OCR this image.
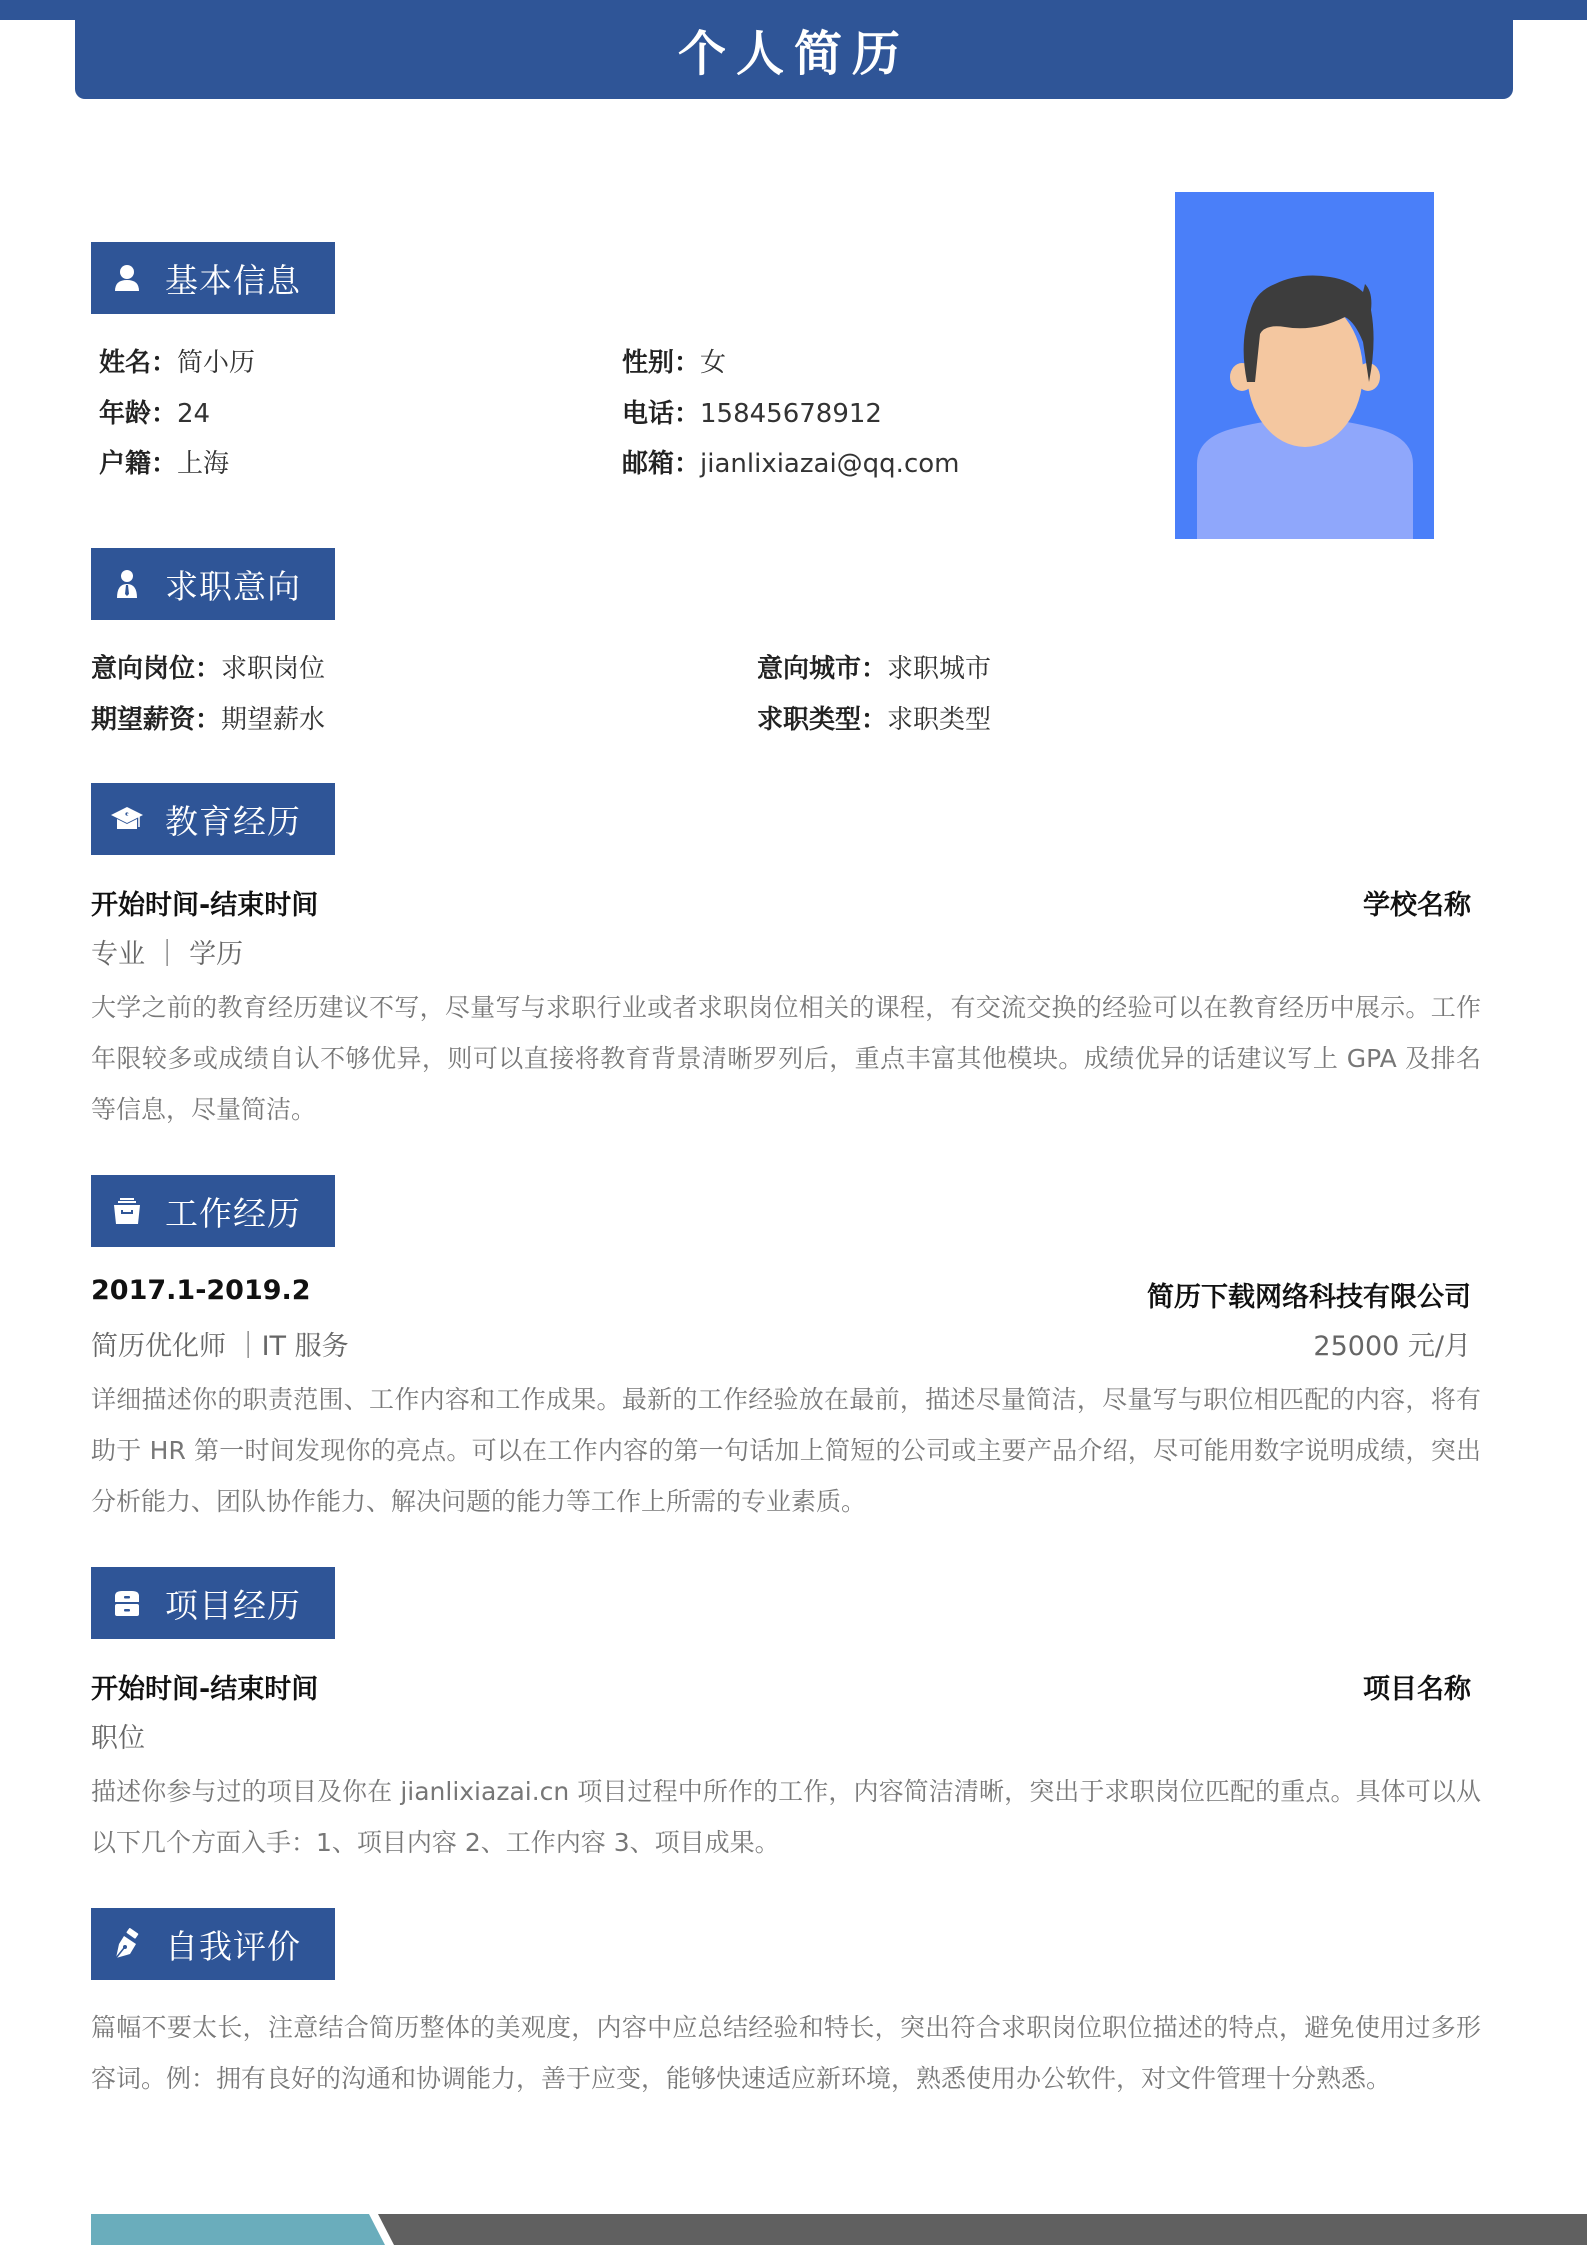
个人简历
基本信息
姓名：简小历	性别：女
年龄：24	电话：15845678912
户籍：上海	邮箱：jianlixiazai@qq.com
求职意向
意向岗位：求职岗位	意向城市：求职城市
期望薪资：期望薪水	求职类型：求职类型
教育经历
开始时间-结束时间	学校名称
专业 ｜ 学历
大学之前的教育经历建议不写，尽量写与求职行业或者求职岗位相关的课程，有交流交换的经验可以在教育经历中展示。工作年限较多或成绩自认不够优异，则可以直接将教育背景清晰罗列后，重点丰富其他模块。成绩优异的话建议写上 GPA 及排名等信息，尽量简洁。
工作经历
2017.1-2019.2	简历下载网络科技有限公司
简历优化师 ｜IT 服务	25000 元/月
详细描述你的职责范围、工作内容和工作成果。最新的工作经验放在最前，描述尽量简洁，尽量写与职位相匹配的内容，将有助于 HR 第一时间发现你的亮点。可以在工作内容的第一句话加上简短的公司或主要产品介绍，尽可能用数字说明成绩，突出分析能力、团队协作能力、解决问题的能力等工作上所需的专业素质。
项目经历
开始时间-结束时间	项目名称
职位
描述你参与过的项目及你在 jianlixiazai.cn 项目过程中所作的工作，内容简洁清晰，突出于求职岗位匹配的重点。具体可以从以下几个方面入手：1、项目内容 2、工作内容 3、项目成果。
自我评价
篇幅不要太长，注意结合简历整体的美观度，内容中应总结经验和特长，突出符合求职岗位职位描述的特点，避免使用过多形容词。例：拥有良好的沟通和协调能力，善于应变，能够快速适应新环境，熟悉使用办公软件，对文件管理十分熟悉。
